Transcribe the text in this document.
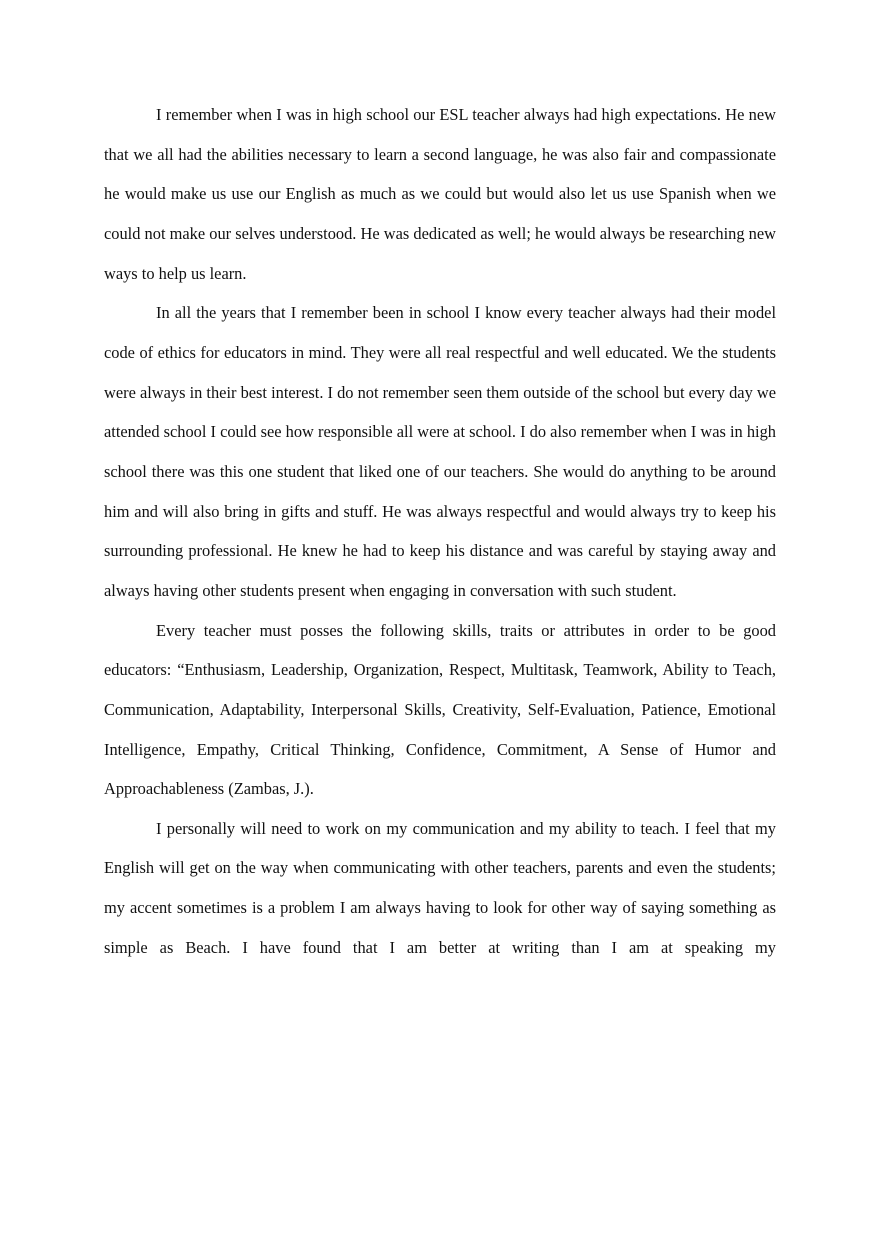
I remember when I was in high school our ESL teacher always had high expectations. He new that we all had the abilities necessary to learn a second language, he was also fair and compassionate he would make us use our English as much as we could but would also let us use Spanish when we could not make our selves understood. He was dedicated as well; he would always be researching new ways to help us learn.

In all the years that I remember been in school I know every teacher always had their model code of ethics for educators in mind. They were all real respectful and well educated. We the students were always in their best interest. I do not remember seen them outside of the school but every day we attended school I could see how responsible all were at school. I do also remember when I was in high school there was this one student that liked one of our teachers. She would do anything to be around him and will also bring in gifts and stuff. He was always respectful and would always try to keep his surrounding professional. He knew he had to keep his distance and was careful by staying away and always having other students present when engaging in conversation with such student.

Every teacher must posses the following skills, traits or attributes in order to be good educators: “Enthusiasm, Leadership, Organization, Respect, Multitask, Teamwork, Ability to Teach, Communication, Adaptability, Interpersonal Skills, Creativity, Self-Evaluation, Patience, Emotional Intelligence, Empathy, Critical Thinking, Confidence, Commitment, A Sense of Humor and Approachableness (Zambas, J.).

I personally will need to work on my communication and my ability to teach. I feel that my English will get on the way when communicating with other teachers, parents and even the students; my accent sometimes is a problem I am always having to look for other way of saying something as simple as Beach. I have found that I am better at writing than I am at speaking my
